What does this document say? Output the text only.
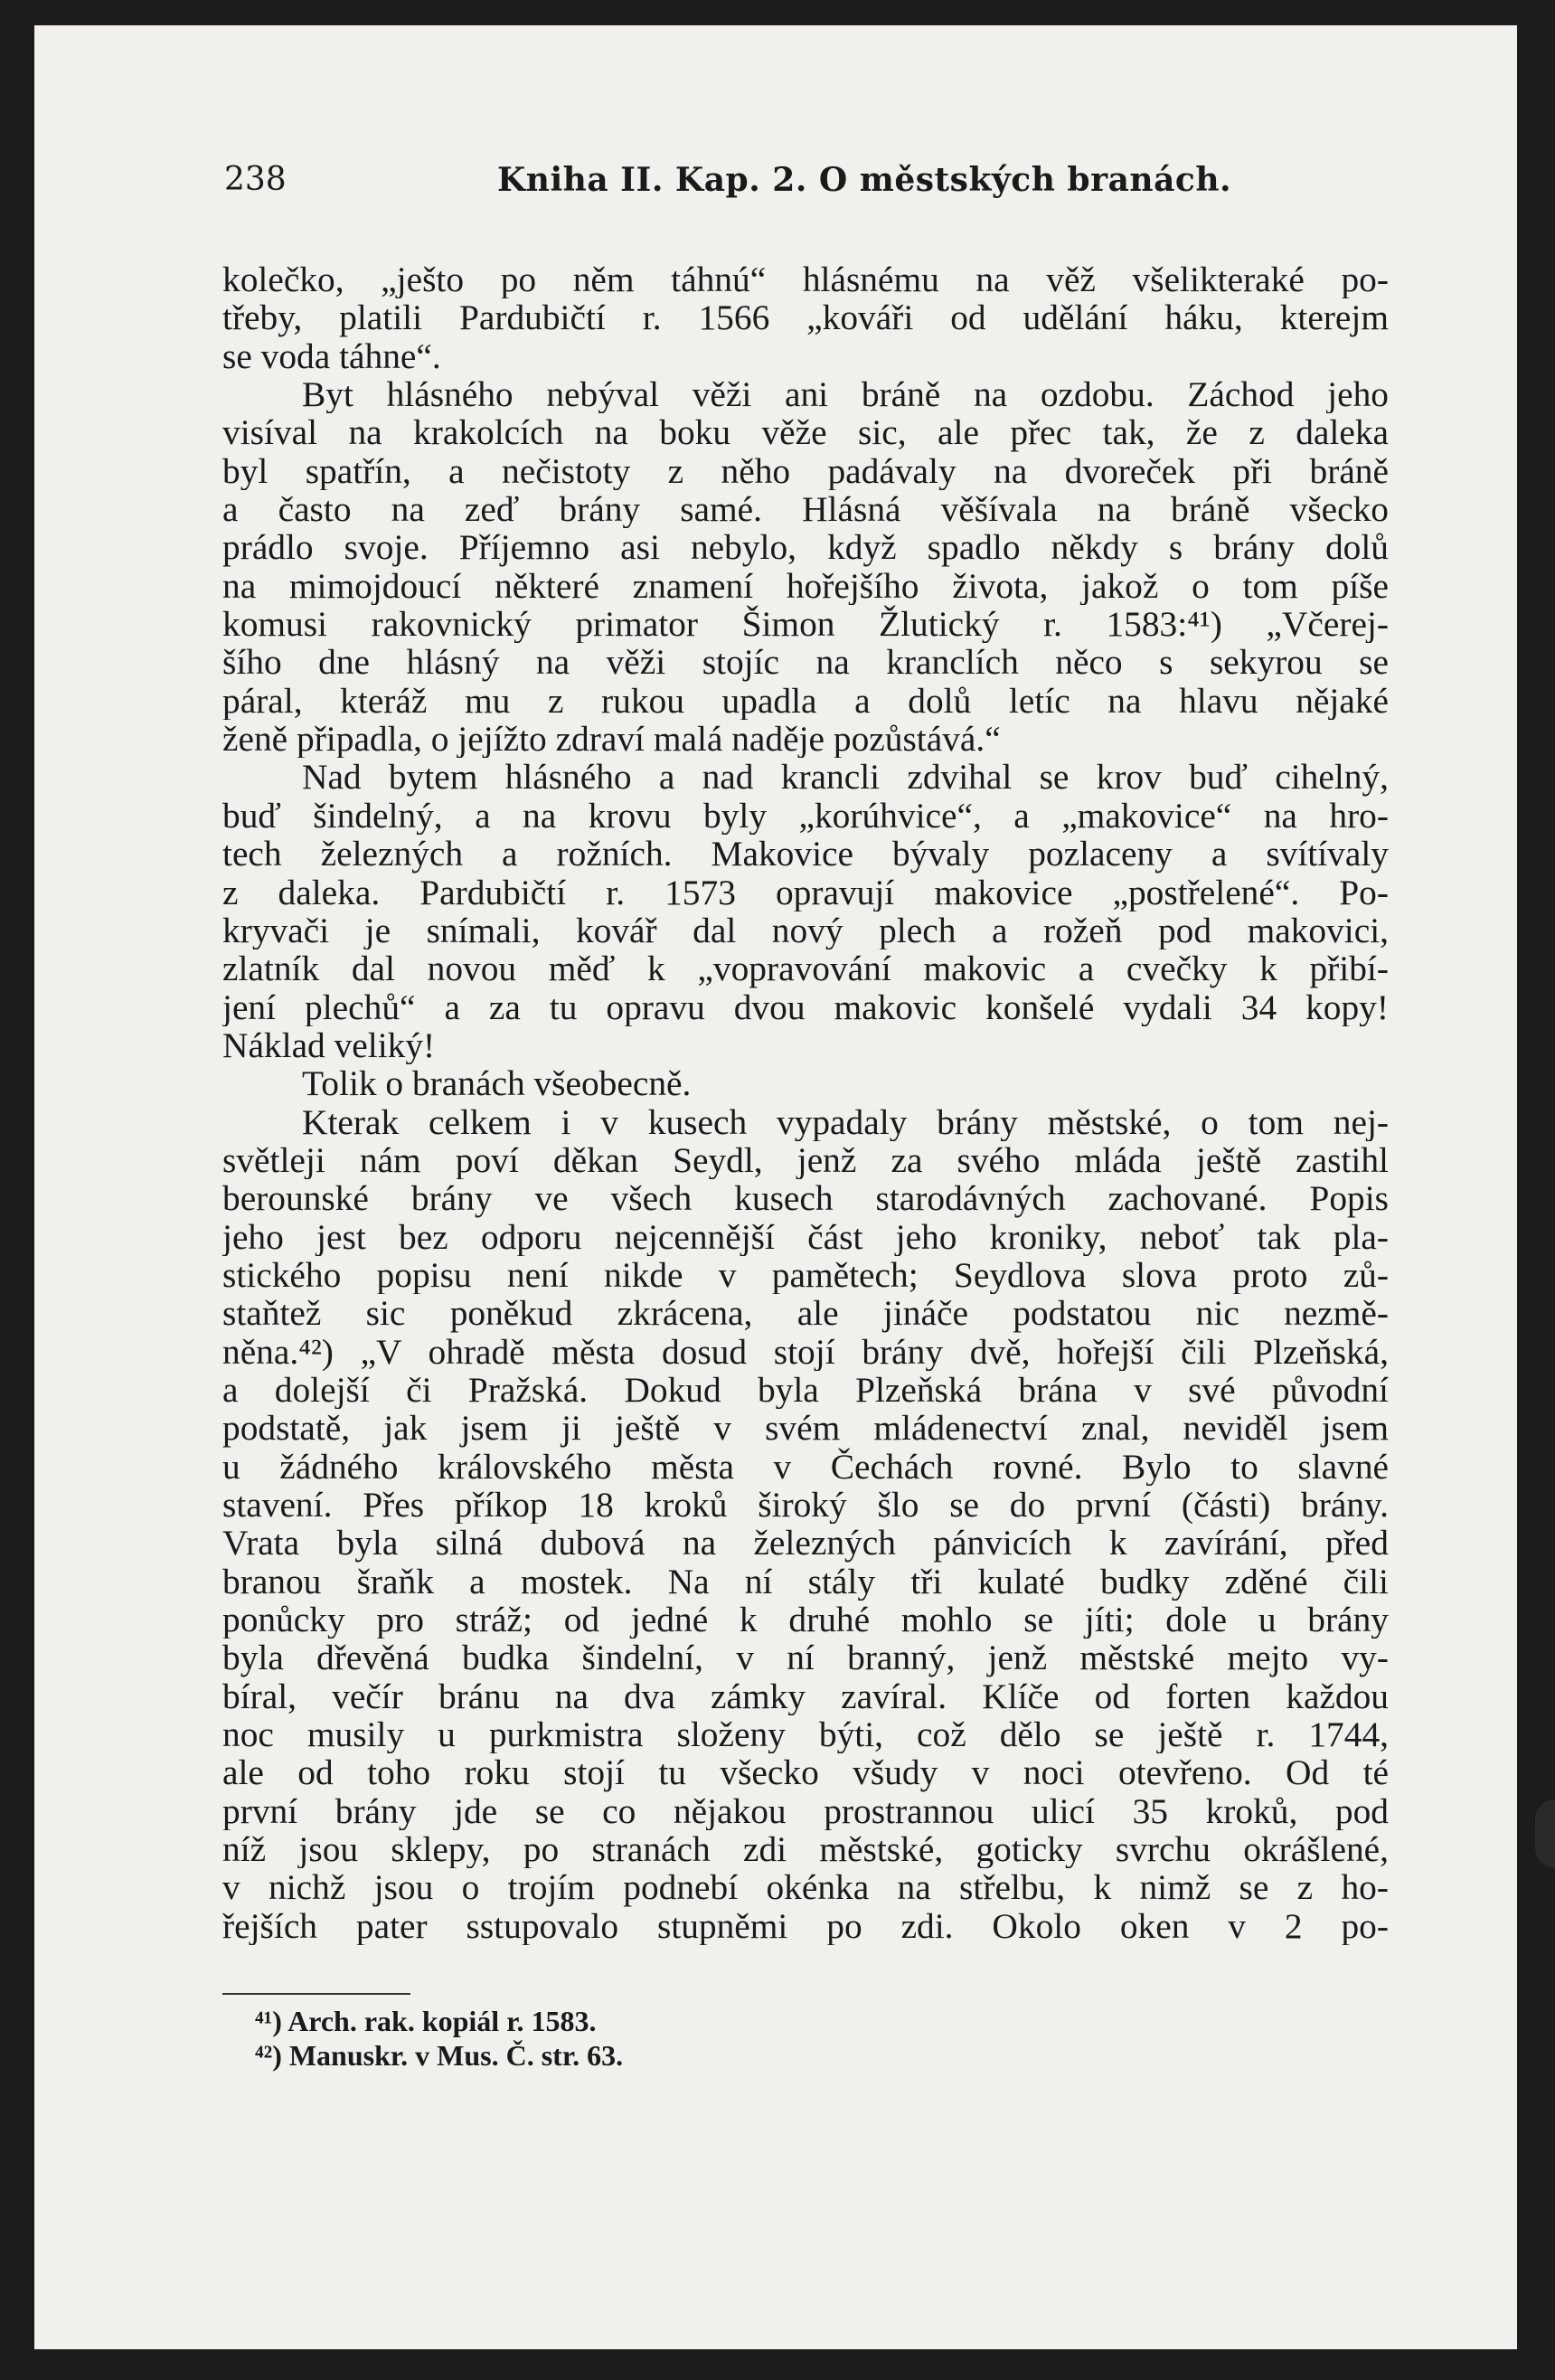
238	Kniha II. Kap. 2. O městských branách.
kolečko, „ješto po něm táhnú“ hlásnému na věž všelikteraké po-
třeby, platili Pardubičtí r. 1566 „kováři od udělání háku, kterejm
se voda táhne“.
Byt hlásného nebýval věži ani bráně na ozdobu. Záchod jeho
visíval na krakolcích na boku věže sic, ale přec tak, že z daleka
byl spatřín, a nečistoty z něho padávaly na dvoreček při bráně
a často na zeď brány samé. Hlásná věšívala na bráně všecko
prádlo svoje. Příjemno asi nebylo, když spadlo někdy s brány dolů
na mimojdoucí některé znamení hořejšího života, jakož o tom píše
komusi rakovnický primator Šimon Žlutický r. 1583:⁴¹) „Včerej-
šího dne hlásný na věži stojíc na kranclích něco s sekyrou se
páral, kteráž mu z rukou upadla a dolů letíc na hlavu nějaké
ženě připadla, o jejížto zdraví malá naděje pozůstává.“
Nad bytem hlásného a nad krancli zdvihal se krov buď cihelný,
buď šindelný, a na krovu byly „korúhvice“, a „makovice“ na hro-
tech železných a rožních. Makovice bývaly pozlaceny a svítívaly
z daleka. Pardubičtí r. 1573 opravují makovice „postřelené“. Po-
kryvači je snímali, kovář dal nový plech a rožeň pod makovici,
zlatník dal novou měď k „vopravování makovic a cvečky k přibí-
jení plechů“ a za tu opravu dvou makovic konšelé vydali 34 kopy!
Náklad veliký!
Tolik o branách všeobecně.
Kterak celkem i v kusech vypadaly brány městské, o tom nej-
světleji nám poví děkan Seydl, jenž za svého mláda ještě zastihl
berounské brány ve všech kusech starodávných zachované. Popis
jeho jest bez odporu nejcennější část jeho kroniky, neboť tak pla-
stického popisu není nikde v pamětech; Seydlova slova proto zů-
staňtež sic poněkud zkrácena, ale jináče podstatou nic nezmě-
něna.⁴²) „V ohradě města dosud stojí brány dvě, hořejší čili Plzeňská,
a dolejší či Pražská. Dokud byla Plzeňská brána v své původní
podstatě, jak jsem ji ještě v svém mládenectví znal, neviděl jsem
u žádného královského města v Čechách rovné. Bylo to slavné
stavení. Přes příkop 18 kroků široký šlo se do první (části) brány.
Vrata byla silná dubová na železných pánvicích k zavírání, před
branou šraňk a mostek. Na ní stály tři kulaté budky zděné čili
ponůcky pro stráž; od jedné k druhé mohlo se jíti; dole u brány
byla dřevěná budka šindelní, v ní branný, jenž městské mejto vy-
bíral, večír bránu na dva zámky zavíral. Klíče od forten každou
noc musily u purkmistra složeny býti, což dělo se ještě r. 1744,
ale od toho roku stojí tu všecko všudy v noci otevřeno. Od té
první brány jde se co nějakou prostrannou ulicí 35 kroků, pod
níž jsou sklepy, po stranách zdi městské, goticky svrchu okrášlené,
v nichž jsou o trojím podnebí okénka na střelbu, k nimž se z ho-
řejších pater sstupovalo stupněmi po zdi. Okolo oken v 2 po-
⁴¹) Arch. rak. kopiál r. 1583.
⁴²) Manuskr. v Mus. Č. str. 63.
